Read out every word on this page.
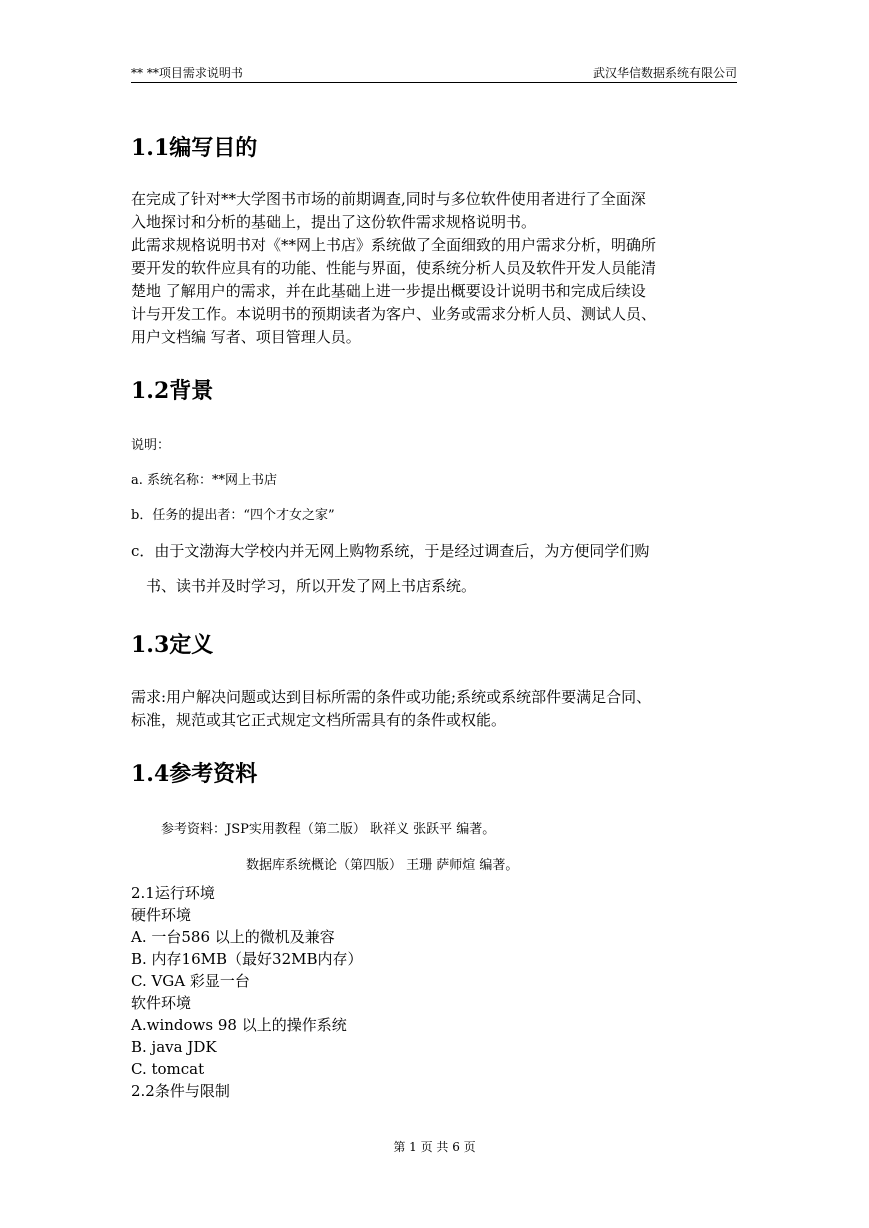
** **项目需求说明书	武汉华信数据系统有限公司
1.1编写目的
在完成了针对**大学图书市场的前期调查,同时与多位软件使用者进行了全面深
入地探讨和分析的基础上，提出了这份软件需求规格说明书。
此需求规格说明书对《**网上书店》系统做了全面细致的用户需求分析，明确所
要开发的软件应具有的功能、性能与界面，使系统分析人员及软件开发人员能清
楚地 了解用户的需求，并在此基础上进一步提出概要设计说明书和完成后续设
计与开发工作。本说明书的预期读者为客户、业务或需求分析人员、测试人员、
用户文档编 写者、项目管理人员。
1.2背景
说明：
a. 系统名称：**网上书店
b．任务的提出者：“四个才女之家”
c．由于文渤海大学校内并无网上购物系统，于是经过调查后，为方便同学们购
书、读书并及时学习，所以开发了网上书店系统。
1.3定义
需求:用户解决问题或达到目标所需的条件或功能;系统或系统部件要满足合同、
标准，规范或其它正式规定文档所需具有的条件或权能。
1.4参考资料
参考资料：JSP实用教程（第二版） 耿祥义 张跃平 编著。
数据库系统概论（第四版） 王珊 萨师煊 编著。
2.1运行环境
硬件环境
A. 一台586 以上的微机及兼容
B. 内存16MB（最好32MB内存）
C. VGA 彩显一台
软件环境
A.windows 98 以上的操作系统
B. java JDK
C. tomcat
2.2条件与限制
第 1 页 共 6 页
